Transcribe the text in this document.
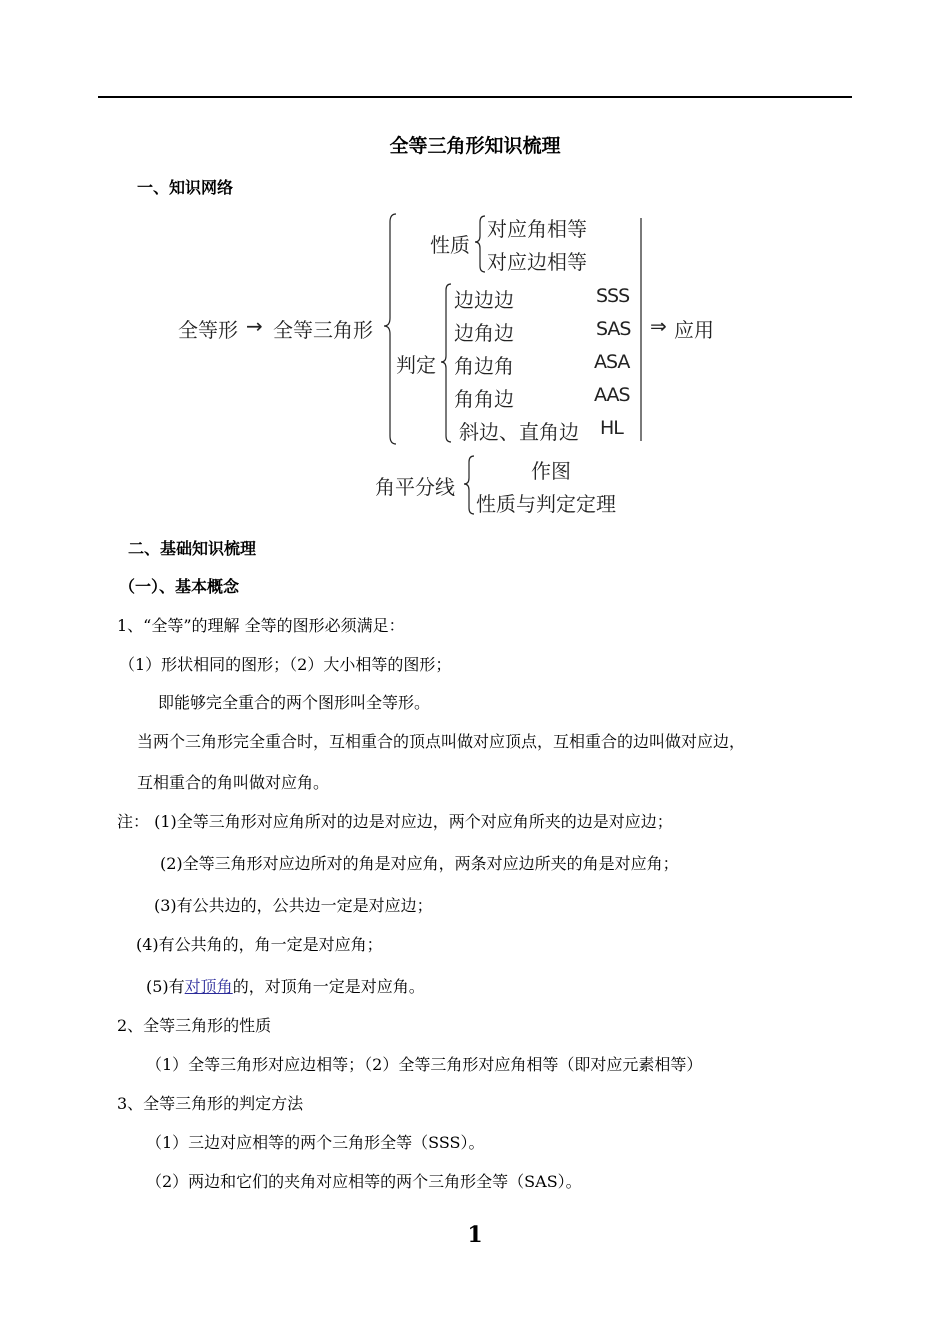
全等三角形知识梳理
一、知识网络
全等形 → 全等三角形
性质
对应角相等
对应边相等
判定
边边边	SSS
边角边	SAS
角边角	ASA
角角边	AAS
斜边、直角边 HL
⇒ 应用
角平分线
作图
性质与判定定理
二、基础知识梳理
（一）、基本概念
1、“全等”的理解 全等的图形必须满足：
（1）形状相同的图形；（2）大小相等的图形；
即能够完全重合的两个图形叫全等形。
当两个三角形完全重合时，互相重合的顶点叫做对应顶点，互相重合的边叫做对应边，
互相重合的角叫做对应角。
注： (1)全等三角形对应角所对的边是对应边，两个对应角所夹的边是对应边；
(2)全等三角形对应边所对的角是对应角，两条对应边所夹的角是对应角；
(3)有公共边的，公共边一定是对应边；
(4)有公共角的，角一定是对应角；
(5)有对顶角的，对顶角一定是对应角。
2、全等三角形的性质
（1）全等三角形对应边相等；（2）全等三角形对应角相等（即对应元素相等）
3、全等三角形的判定方法
（1）三边对应相等的两个三角形全等（SSS）。
（2）两边和它们的夹角对应相等的两个三角形全等（SAS）。
1
